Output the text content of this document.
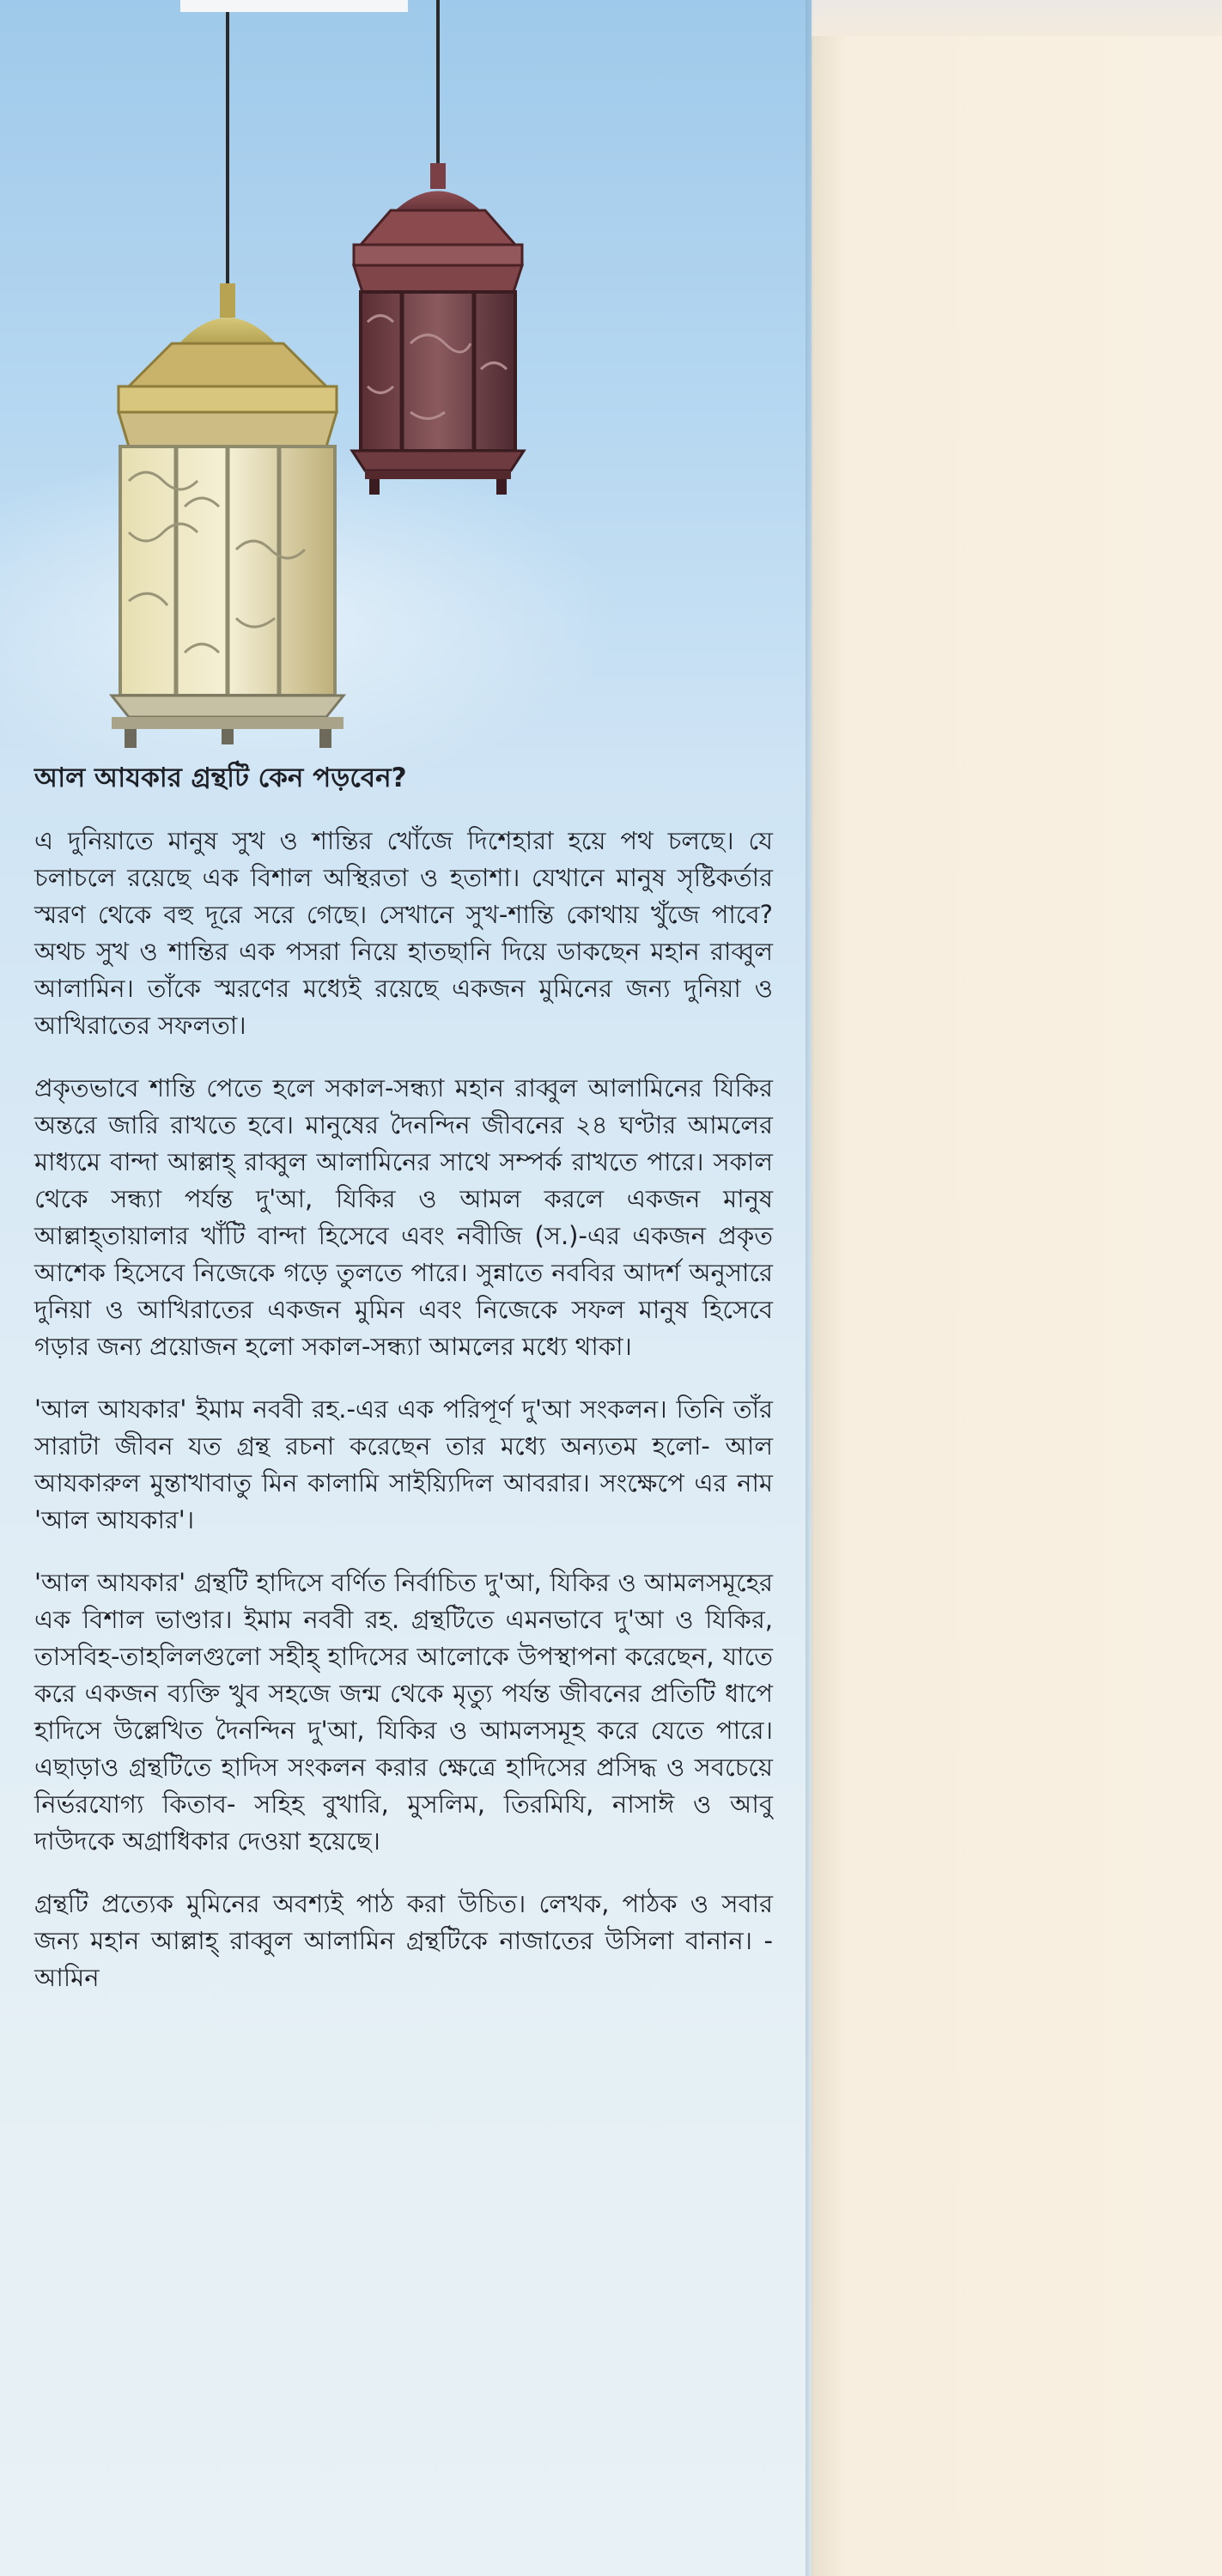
আল আযকার গ্রন্থটি কেন পড়বেন?

এ দুনিয়াতে মানুষ সুখ ও শান্তির খোঁজে দিশেহারা হয়ে পথ চলছে। যে চলাচলে রয়েছে এক বিশাল অস্থিরতা ও হতাশা। যেখানে মানুষ সৃষ্টিকর্তার স্মরণ থেকে বহু দূরে সরে গেছে। সেখানে সুখ-শান্তি কোথায় খুঁজে পাবে? অথচ সুখ ও শান্তির এক পসরা নিয়ে হাতছানি দিয়ে ডাকছেন মহান রাব্বুল আলামিন। তাঁকে স্মরণের মধ্যেই রয়েছে একজন মুমিনের জন্য দুনিয়া ও আখিরাতের সফলতা।

প্রকৃতভাবে শান্তি পেতে হলে সকাল-সন্ধ্যা মহান রাব্বুল আলামিনের যিকির অন্তরে জারি রাখতে হবে। মানুষের দৈনন্দিন জীবনের ২৪ ঘণ্টার আমলের মাধ্যমে বান্দা আল্লাহ্ রাব্বুল আলামিনের সাথে সম্পর্ক রাখতে পারে। সকাল থেকে সন্ধ্যা পর্যন্ত দু'আ, যিকির ও আমল করলে একজন মানুষ আল্লাহ্তায়ালার খাঁটি বান্দা হিসেবে এবং নবীজি (স.)-এর একজন প্রকৃত আশেক হিসেবে নিজেকে গড়ে তুলতে পারে। সুন্নাতে নববির আদর্শ অনুসারে দুনিয়া ও আখিরাতের একজন মুমিন এবং নিজেকে সফল মানুষ হিসেবে গড়ার জন্য প্রয়োজন হলো সকাল-সন্ধ্যা আমলের মধ্যে থাকা।

'আল আযকার' ইমাম নববী রহ.-এর এক পরিপূর্ণ দু'আ সংকলন। তিনি তাঁর সারাটা জীবন যত গ্রন্থ রচনা করেছেন তার মধ্যে অন্যতম হলো- আল আযকারুল মুন্তাখাবাতু মিন কালামি সাইয়্যিদিল আবরার। সংক্ষেপে এর নাম 'আল আযকার'।

'আল আযকার' গ্রন্থটি হাদিসে বর্ণিত নির্বাচিত দু'আ, যিকির ও আমলসমূহের এক বিশাল ভাণ্ডার। ইমাম নববী রহ. গ্রন্থটিতে এমনভাবে দু'আ ও যিকির, তাসবিহ-তাহলিলগুলো সহীহ্ হাদিসের আলোকে উপস্থাপনা করেছেন, যাতে করে একজন ব্যক্তি খুব সহজে জন্ম থেকে মৃত্যু পর্যন্ত জীবনের প্রতিটি ধাপে হাদিসে উল্লেখিত দৈনন্দিন দু'আ, যিকির ও আমলসমূহ করে যেতে পারে। এছাড়াও গ্রন্থটিতে হাদিস সংকলন করার ক্ষেত্রে হাদিসের প্রসিদ্ধ ও সবচেয়ে নির্ভরযোগ্য কিতাব- সহিহ বুখারি, মুসলিম, তিরমিযি, নাসাঈ ও আবু দাউদকে অগ্রাধিকার দেওয়া হয়েছে।

গ্রন্থটি প্রত্যেক মুমিনের অবশ্যই পাঠ করা উচিত। লেখক, পাঠক ও সবার জন্য মহান আল্লাহ্ রাব্বুল আলামিন গ্রন্থটিকে নাজাতের উসিলা বানান। - আমিন
